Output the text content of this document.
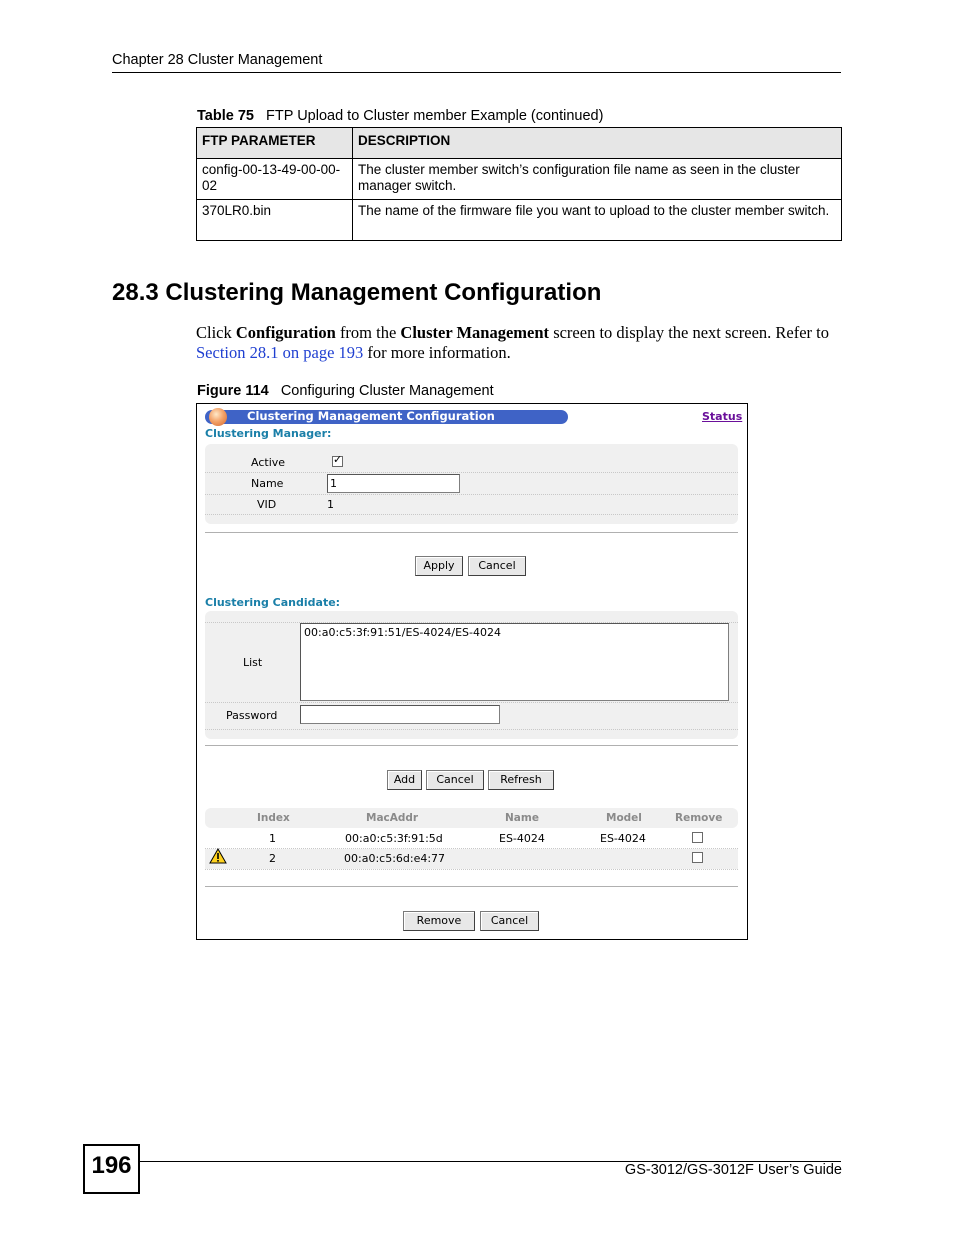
Chapter 28 Cluster Management
Table 75 FTP Upload to Cluster member Example (continued)
FTP PARAMETER	DESCRIPTION
config-00-13-49-00-00-02	The cluster member switch’s configuration file name as seen in the cluster manager switch.
370LR0.bin	The name of the firmware file you want to upload to the cluster member switch.
28.3 Clustering Management Configuration
Click Configuration from the Cluster Management screen to display the next screen. Refer to Section 28.1 on page 193 for more information.
Figure 114 Configuring Cluster Management
Clustering Management Configuration	Status
Clustering Manager:
Active	✓
Name	1
VID	1
Apply	Cancel
Clustering Candidate:
List
00:a0:c5:3f:91:51/ES-4024/ES-4024
Password
Add	Cancel	Refresh
Index	MacAddr	Name	Model	Remove
1	00:a0:c5:3f:91:5d	ES-4024	ES-4024
2	00:a0:c5:6d:e4:77
Remove	Cancel
196	GS-3012/GS-3012F User’s Guide
